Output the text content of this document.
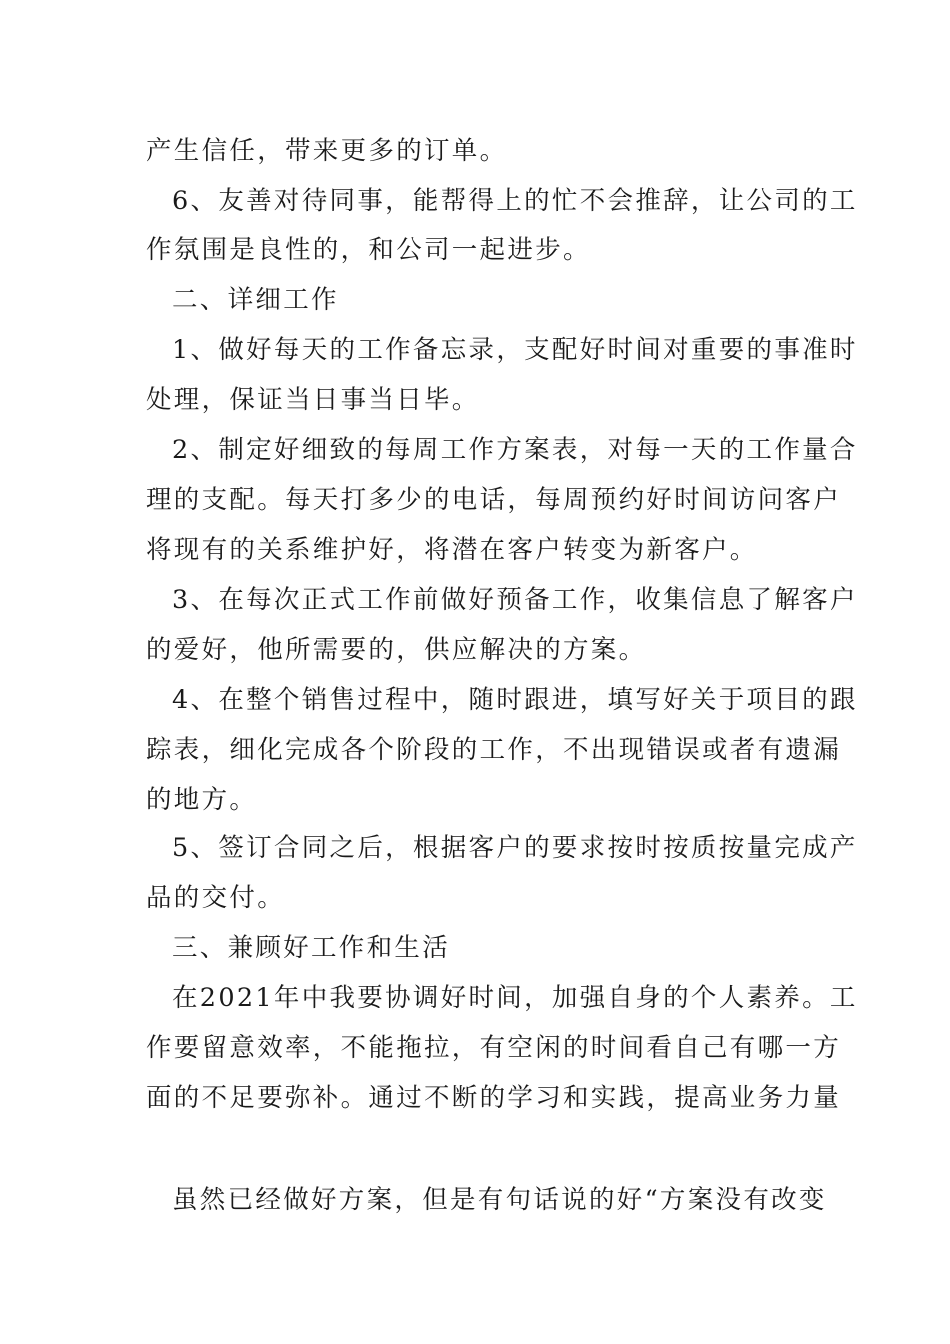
产生信任，带来更多的订单。
6、友善对待同事，能帮得上的忙不会推辞，让公司的工
作氛围是良性的，和公司一起进步。
二、详细工作
1、做好每天的工作备忘录，支配好时间对重要的事准时
处理，保证当日事当日毕。
2、制定好细致的每周工作方案表，对每一天的工作量合
理的支配。每天打多少的电话，每周预约好时间访问客户
将现有的关系维护好，将潜在客户转变为新客户。
3、在每次正式工作前做好预备工作，收集信息了解客户
的爱好，他所需要的，供应解决的方案。
4、在整个销售过程中，随时跟进，填写好关于项目的跟
踪表，细化完成各个阶段的工作，不出现错误或者有遗漏
的地方。
5、签订合同之后，根据客户的要求按时按质按量完成产
品的交付。
三、兼顾好工作和生活
在2021年中我要协调好时间，加强自身的个人素养。工
作要留意效率，不能拖拉，有空闲的时间看自己有哪一方
面的不足要弥补。通过不断的学习和实践，提高业务力量
虽然已经做好方案，但是有句话说的好“方案没有改变
